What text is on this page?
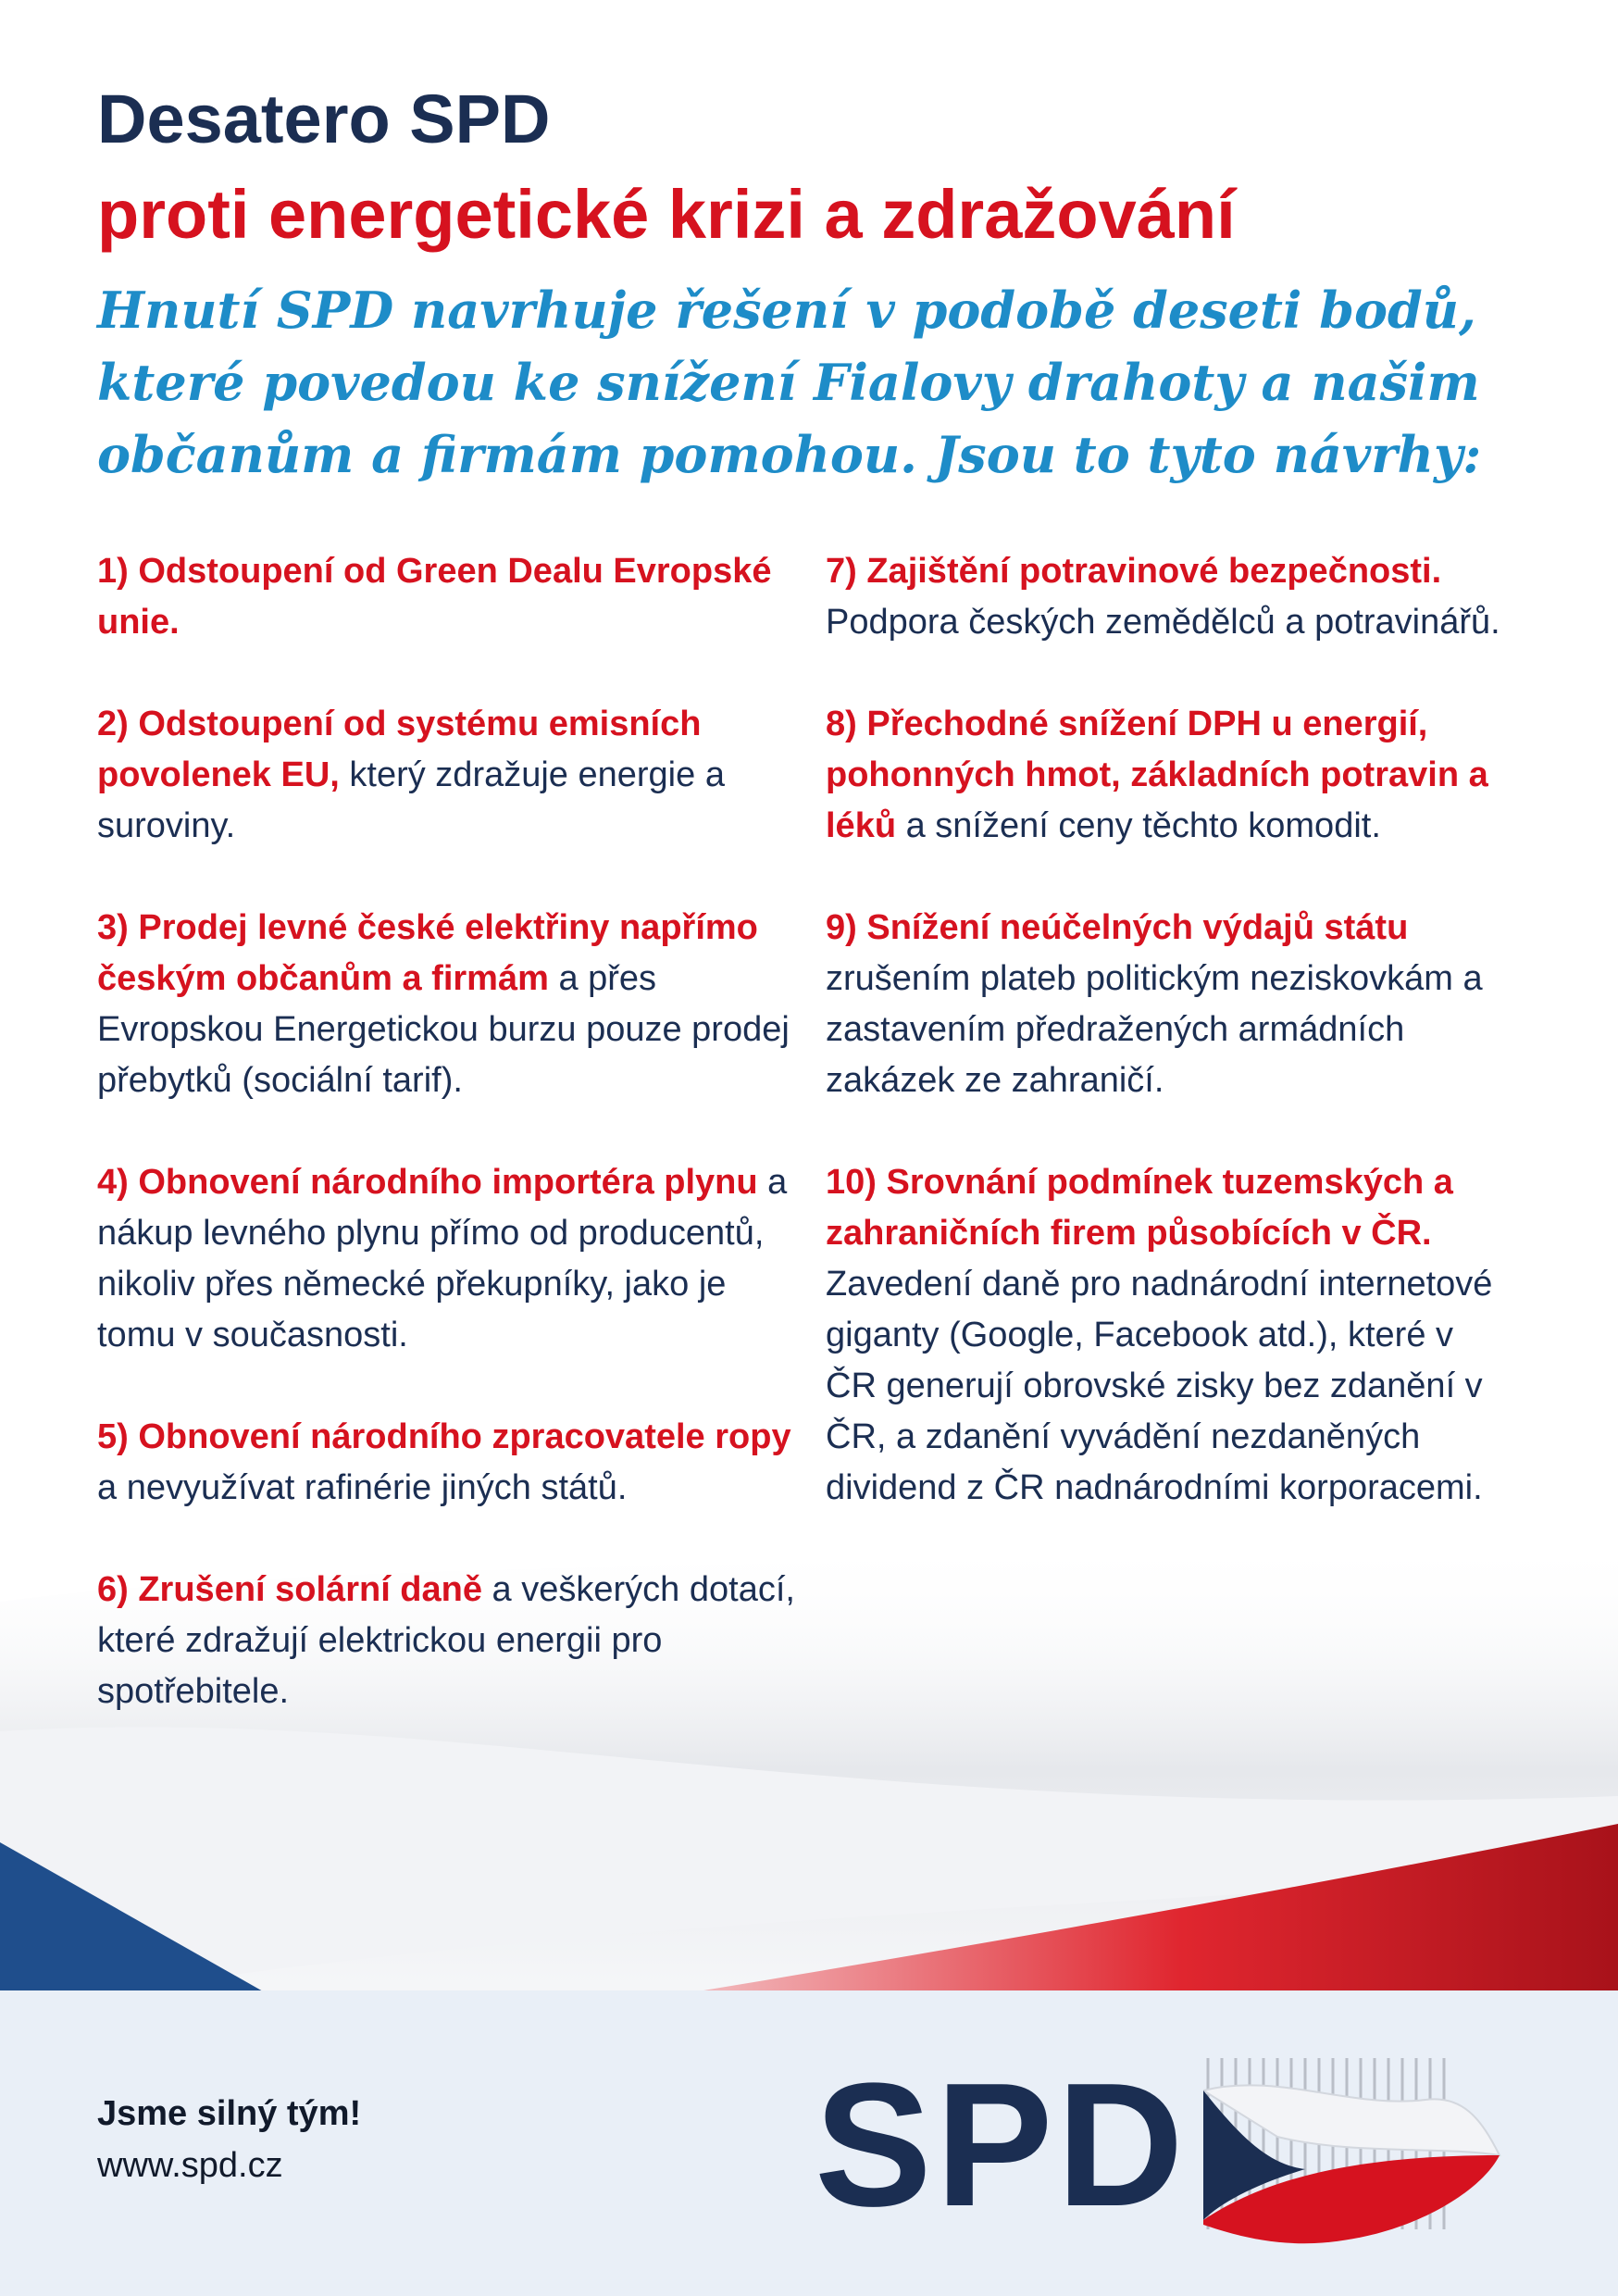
Desatero SPD
proti energetické krizi a zdražování

Hnutí SPD navrhuje řešení v podobě deseti bodů, které povedou ke snížení Fialovy drahoty a našim občanům a firmám pomohou. Jsou to tyto návrhy:

1) Odstoupení od Green Dealu Evropské unie.

2) Odstoupení od systému emisních povolenek EU, který zdražuje energie a suroviny.

3) Prodej levné české elektřiny napřímo českým občanům a firmám a přes Evropskou Energetickou burzu pouze prodej přebytků (sociální tarif).

4) Obnovení národního importéra plynu a nákup levného plynu přímo od producentů, nikoliv přes německé překupníky, jako je tomu v současnosti.

5) Obnovení národního zpracovatele ropy a nevyužívat rafinérie jiných států.

6) Zrušení solární daně a veškerých dotací, které zdražují elektrickou energii pro spotřebitele.

7) Zajištění potravinové bezpečnosti. Podpora českých zemědělců a potravinářů.

8) Přechodné snížení DPH u energií, pohonných hmot, základních potravin a léků a snížení ceny těchto komodit.

9) Snížení neúčelných výdajů státu zrušením plateb politickým neziskovkám a zastavením předražených armádních zakázek ze zahraničí.

10) Srovnání podmínek tuzemských a zahraničních firem působících v ČR. Zavedení daně pro nadnárodní internetové giganty (Google, Facebook atd.), které v ČR generují obrovské zisky bez zdanění v ČR, a zdanění vyvádění nezdaněných dividend z ČR nadnárodními korporacemi.

Jsme silný tým!
www.spd.cz	SPD
